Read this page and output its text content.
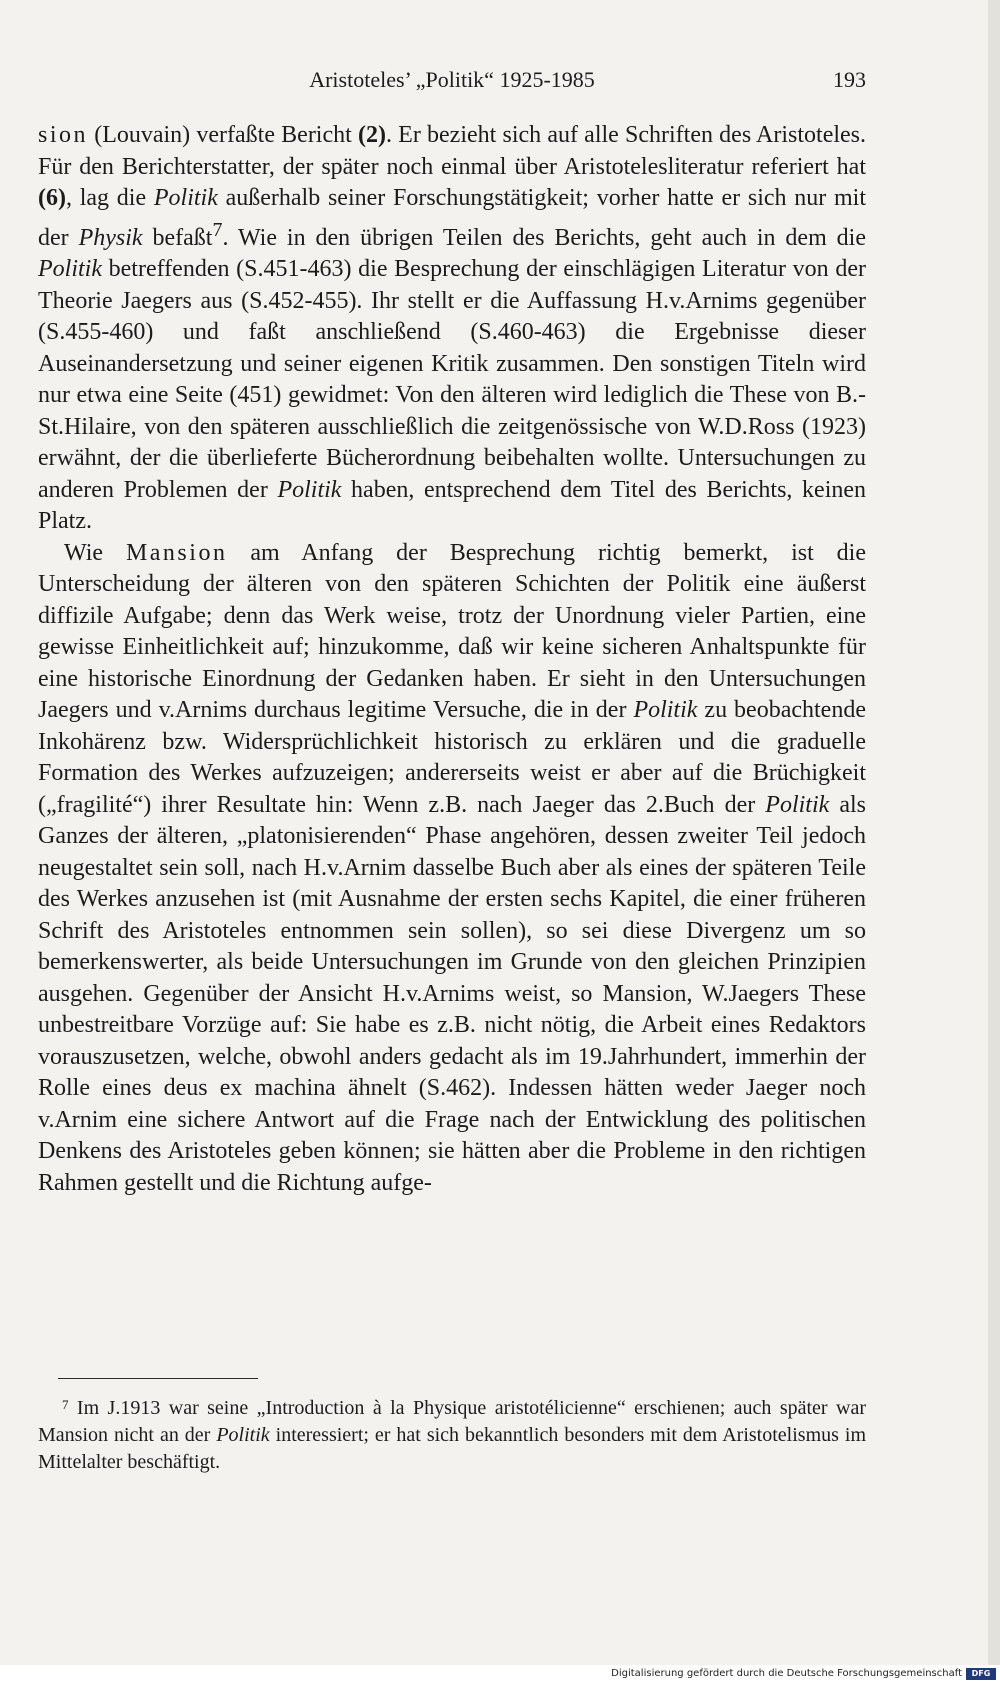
Aristoteles’ „Politik“ 1925-1985	193

sion (Louvain) verfaßte Bericht (2). Er bezieht sich auf alle Schriften des Aristoteles. Für den Berichterstatter, der später noch einmal über Aristotelesliteratur referiert hat (6), lag die Politik außerhalb seiner Forschungstätigkeit; vorher hatte er sich nur mit der Physik befaßt$^7$. Wie in den übrigen Teilen des Berichts, geht auch in dem die Politik betreffenden (S.451-463) die Besprechung der einschlägigen Literatur von der Theorie Jaegers aus (S.452-455). Ihr stellt er die Auffassung H.v.Arnims gegenüber (S.455-460) und faßt anschließend (S.460-463) die Ergebnisse dieser Auseinandersetzung und seiner eigenen Kritik zusammen. Den sonstigen Titeln wird nur etwa eine Seite (451) gewidmet: Von den älteren wird lediglich die These von B.-St.Hilaire, von den späteren ausschließlich die zeitgenössische von W.D.Ross (1923) erwähnt, der die überlieferte Bücherordnung beibehalten wollte. Untersuchungen zu anderen Problemen der Politik haben, entsprechend dem Titel des Berichts, keinen Platz.

Wie Mansion am Anfang der Besprechung richtig bemerkt, ist die Unterscheidung der älteren von den späteren Schichten der Politik eine äußerst diffizile Aufgabe; denn das Werk weise, trotz der Unordnung vieler Partien, eine gewisse Einheitlichkeit auf; hinzukomme, daß wir keine sicheren Anhaltspunkte für eine historische Einordnung der Gedanken haben. Er sieht in den Untersuchungen Jaegers und v.Arnims durchaus legitime Versuche, die in der Politik zu beobachtende Inkohärenz bzw. Widersprüchlichkeit historisch zu erklären und die graduelle Formation des Werkes aufzuzeigen; andererseits weist er aber auf die Brüchigkeit („fragilité“) ihrer Resultate hin: Wenn z.B. nach Jaeger das 2.Buch der Politik als Ganzes der älteren, „platonisierenden“ Phase angehören, dessen zweiter Teil jedoch neugestaltet sein soll, nach H.v.Arnim dasselbe Buch aber als eines der späteren Teile des Werkes anzusehen ist (mit Ausnahme der ersten sechs Kapitel, die einer früheren Schrift des Aristoteles entnommen sein sollen), so sei diese Divergenz um so bemerkenswerter, als beide Untersuchungen im Grunde von den gleichen Prinzipien ausgehen. Gegenüber der Ansicht H.v.Arnims weist, so Mansion, W.Jaegers These unbestreitbare Vorzüge auf: Sie habe es z.B. nicht nötig, die Arbeit eines Redaktors vorauszusetzen, welche, obwohl anders gedacht als im 19.Jahrhundert, immerhin der Rolle eines deus ex machina ähnelt (S.462). Indessen hätten weder Jaeger noch v.Arnim eine sichere Antwort auf die Frage nach der Entwicklung des politischen Denkens des Aristoteles geben können; sie hätten aber die Probleme in den richtigen Rahmen gestellt und die Richtung aufge-

$^7$ Im J.1913 war seine „Introduction à la Physique aristotélicienne“ erschienen; auch später war Mansion nicht an der Politik interessiert; er hat sich bekanntlich besonders mit dem Aristotelismus im Mittelalter beschäftigt.

Digitalisierung gefördert durch die Deutsche Forschungsgemeinschaft	DFG
